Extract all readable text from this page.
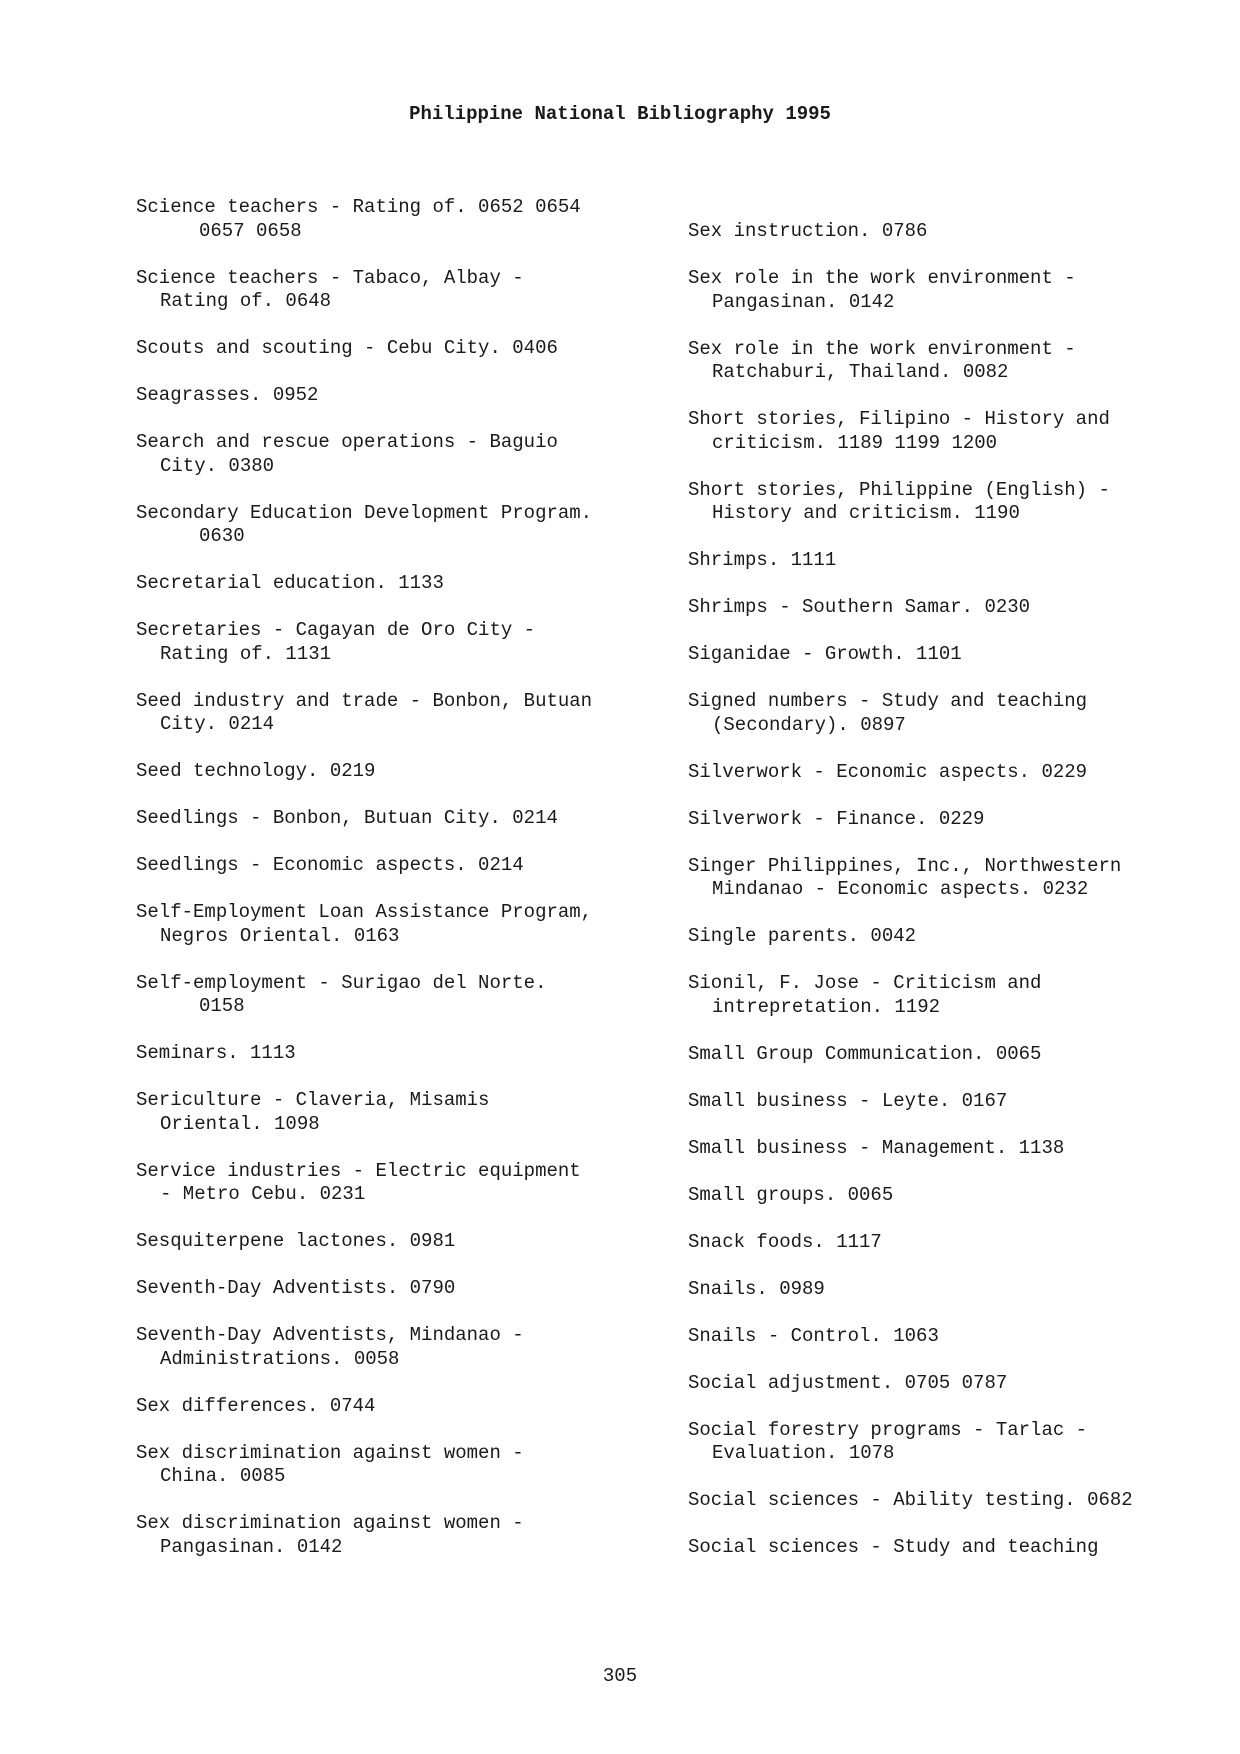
Philippine National Bibliography 1995
Science teachers - Rating of. 0652 0654
0657 0658
Science teachers - Tabaco, Albay -
Rating of. 0648
Scouts and scouting - Cebu City. 0406
Seagrasses. 0952
Search and rescue operations - Baguio
City. 0380
Secondary Education Development Program.
0630
Secretarial education. 1133
Secretaries - Cagayan de Oro City -
Rating of. 1131
Seed industry and trade - Bonbon, Butuan
City. 0214
Seed technology. 0219
Seedlings - Bonbon, Butuan City. 0214
Seedlings - Economic aspects. 0214
Self-Employment Loan Assistance Program,
Negros Oriental. 0163
Self-employment - Surigao del Norte.
0158
Seminars. 1113
Sericulture - Claveria, Misamis
Oriental. 1098
Service industries - Electric equipment
- Metro Cebu. 0231
Sesquiterpene lactones. 0981
Seventh-Day Adventists. 0790
Seventh-Day Adventists, Mindanao -
Administrations. 0058
Sex differences. 0744
Sex discrimination against women -
China. 0085
Sex discrimination against women -
Pangasinan. 0142
Sex instruction. 0786
Sex role in the work environment -
Pangasinan. 0142
Sex role in the work environment -
Ratchaburi, Thailand. 0082
Short stories, Filipino - History and
criticism. 1189 1199 1200
Short stories, Philippine (English) -
History and criticism. 1190
Shrimps. 1111
Shrimps - Southern Samar. 0230
Siganidae - Growth. 1101
Signed numbers - Study and teaching
(Secondary). 0897
Silverwork - Economic aspects. 0229
Silverwork - Finance. 0229
Singer Philippines, Inc., Northwestern
Mindanao - Economic aspects. 0232
Single parents. 0042
Sionil, F. Jose - Criticism and
intrepretation. 1192
Small Group Communication. 0065
Small business - Leyte. 0167
Small business - Management. 1138
Small groups. 0065
Snack foods. 1117
Snails. 0989
Snails - Control. 1063
Social adjustment. 0705 0787
Social forestry programs - Tarlac -
Evaluation. 1078
Social sciences - Ability testing. 0682
Social sciences - Study and teaching
305
